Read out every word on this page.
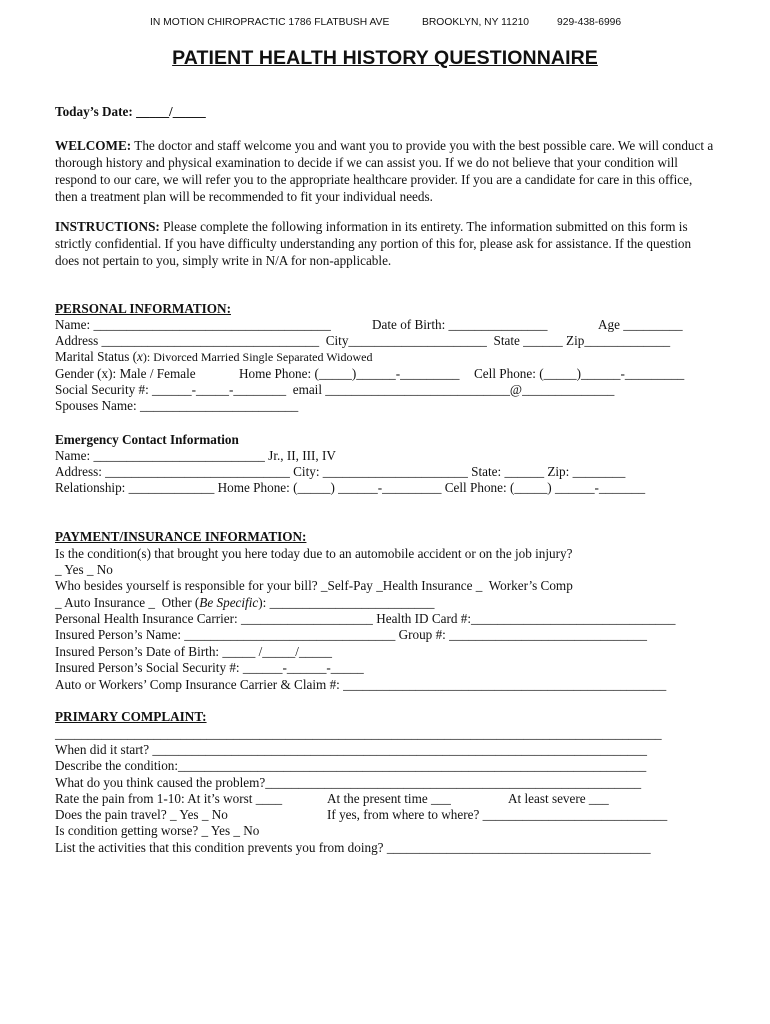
IN MOTION CHIROPRACTIC 1786 FLATBUSH AVE	BROOKLYN, NY 11210	929-438-6996
PATIENT HEALTH HISTORY QUESTIONNAIRE
Today’s Date: _____/_____
WELCOME: The doctor and staff welcome you and want you to provide you with the best possible care. We will conduct a thorough history and physical examination to decide if we can assist you. If we do not believe that your condition will respond to our care, we will refer you to the appropriate healthcare provider. If you are a candidate for care in this office, then a treatment plan will be recommended to fit your individual needs.
INSTRUCTIONS: Please complete the following information in its entirety. The information submitted on this form is strictly confidential. If you have difficulty understanding any portion of this for, please ask for assistance. If the question does not pertain to you, simply write in N/A for non-applicable.
PERSONAL INFORMATION:
Name: ____________________________________	Date of Birth: _______________	Age _________
Address _________________________________  City_____________________  State ______ Zip_____________
Marital Status (x): Divorced Married Single Separated Widowed
Gender (x): Male / Female	Home Phone: (_____)______-_________ Cell Phone: (_____)______-_________
Social Security #: ______-_____-________  email ____________________________@______________
Spouses Name: ________________________
Emergency Contact Information
Name: __________________________ Jr., II, III, IV
Address: ____________________________ City: ______________________ State: ______ Zip: ________
Relationship: _____________ Home Phone: (_____) ______-_________ Cell Phone: (_____) ______-_______
PAYMENT/INSURANCE INFORMATION:
Is the condition(s) that brought you here today due to an automobile accident or on the job injury?
_ Yes _ No
Who besides yourself is responsible for your bill? _Self-Pay _Health Insurance _  Worker’s Comp
_ Auto Insurance _  Other (Be Specific): _________________________
Personal Health Insurance Carrier: ____________________ Health ID Card #:_______________________________
Insured Person’s Name: ________________________________ Group #: ______________________________
Insured Person’s Date of Birth: _____ /_____/_____
Insured Person’s Social Security #: ______-______-_____
Auto or Workers’ Comp Insurance Carrier & Claim #: _________________________________________________
PRIMARY COMPLAINT:
____________________________________________________________________________________________
When did it start? ___________________________________________________________________________
Describe the condition:_______________________________________________________________________
What do you think caused the problem?_________________________________________________________
Rate the pain from 1-10: At it’s worst ____	At the present time ___	At least severe ___
Does the pain travel? _ Yes _ No	If yes, from where to where? ____________________________
Is condition getting worse? _ Yes _ No
List the activities that this condition prevents you from doing? ________________________________________
